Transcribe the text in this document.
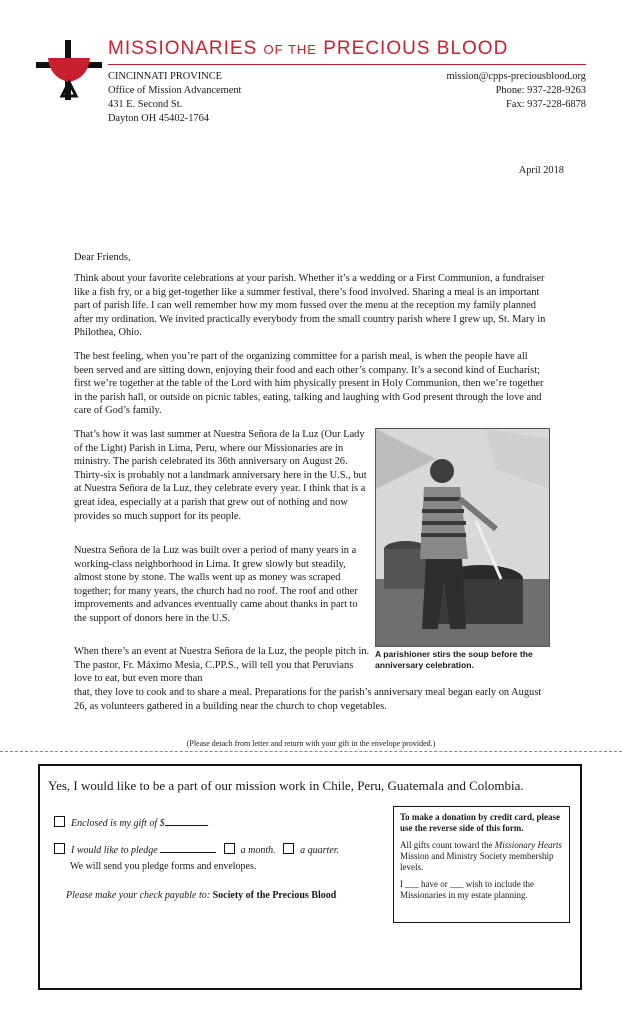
MISSIONARIES OF THE PRECIOUS BLOOD
CINCINNATI PROVINCE
Office of Mission Advancement
431 E. Second St.
Dayton OH 45402-1764
mission@cpps-preciousblood.org
Phone: 937-228-9263
Fax: 937-228-6878
April 2018
Dear Friends,
Think about your favorite celebrations at your parish. Whether it’s a wedding or a First Communion, a fundraiser like a fish fry, or a big get-together like a summer festival, there’s food involved. Sharing a meal is an important part of parish life. I can well remember how my mom fussed over the menu at the reception my family planned after my ordination. We invited practically everybody from the small country parish where I grew up, St. Mary in Philothea, Ohio.
The best feeling, when you’re part of the organizing committee for a parish meal, is when the people have all been served and are sitting down, enjoying their food and each other’s company. It’s a second kind of Eucharist; first we’re together at the table of the Lord with him physically present in Holy Communion, then we’re together in the parish hall, or outside on picnic tables, eating, talking and laughing with God present through the love and care of God’s family.
That’s how it was last summer at Nuestra Señora de la Luz (Our Lady of the Light) Parish in Lima, Peru, where our Missionaries are in ministry. The parish celebrated its 36th anniversary on August 26. Thirty-six is probably not a landmark anniversary here in the U.S., but at Nuestra Señora de la Luz, they celebrate every year. I think that is a great idea, especially at a parish that grew out of nothing and now provides so much support for its people.
Nuestra Señora de la Luz was built over a period of many years in a working-class neighborhood in Lima. It grew slowly but steadily, almost stone by stone. The walls went up as money was scraped together; for many years, the church had no roof. The roof and other improvements and advances eventually came about thanks in part to the support of donors here in the U.S.
When there’s an event at Nuestra Señora de la Luz, the people pitch in. The pastor, Fr. Máximo Mesia, C.PP.S., will tell you that Peruvians love to eat, but even more than
that, they love to cook and to share a meal. Preparations for the parish’s anniversary meal began early on August 26, as volunteers gathered in a building near the church to chop vegetables.
A parishioner stirs the soup before the anniversary celebration.
(Please detach from letter and return with your gift in the envelope provided.)
Yes, I would like to be a part of our mission work in Chile, Peru, Guatemala and Colombia.
Enclosed is my gift of $	.
I would like to pledge	a month. a quarter.
We will send you pledge forms and envelopes.
Please make your check payable to: Society of the Precious Blood
To make a donation by credit card, please use the reverse side of this form.

All gifts count toward the Missionary Hearts Mission and Ministry Society membership levels.

I ___ have or ___ wish to include the Missionaries in my estate planning.
